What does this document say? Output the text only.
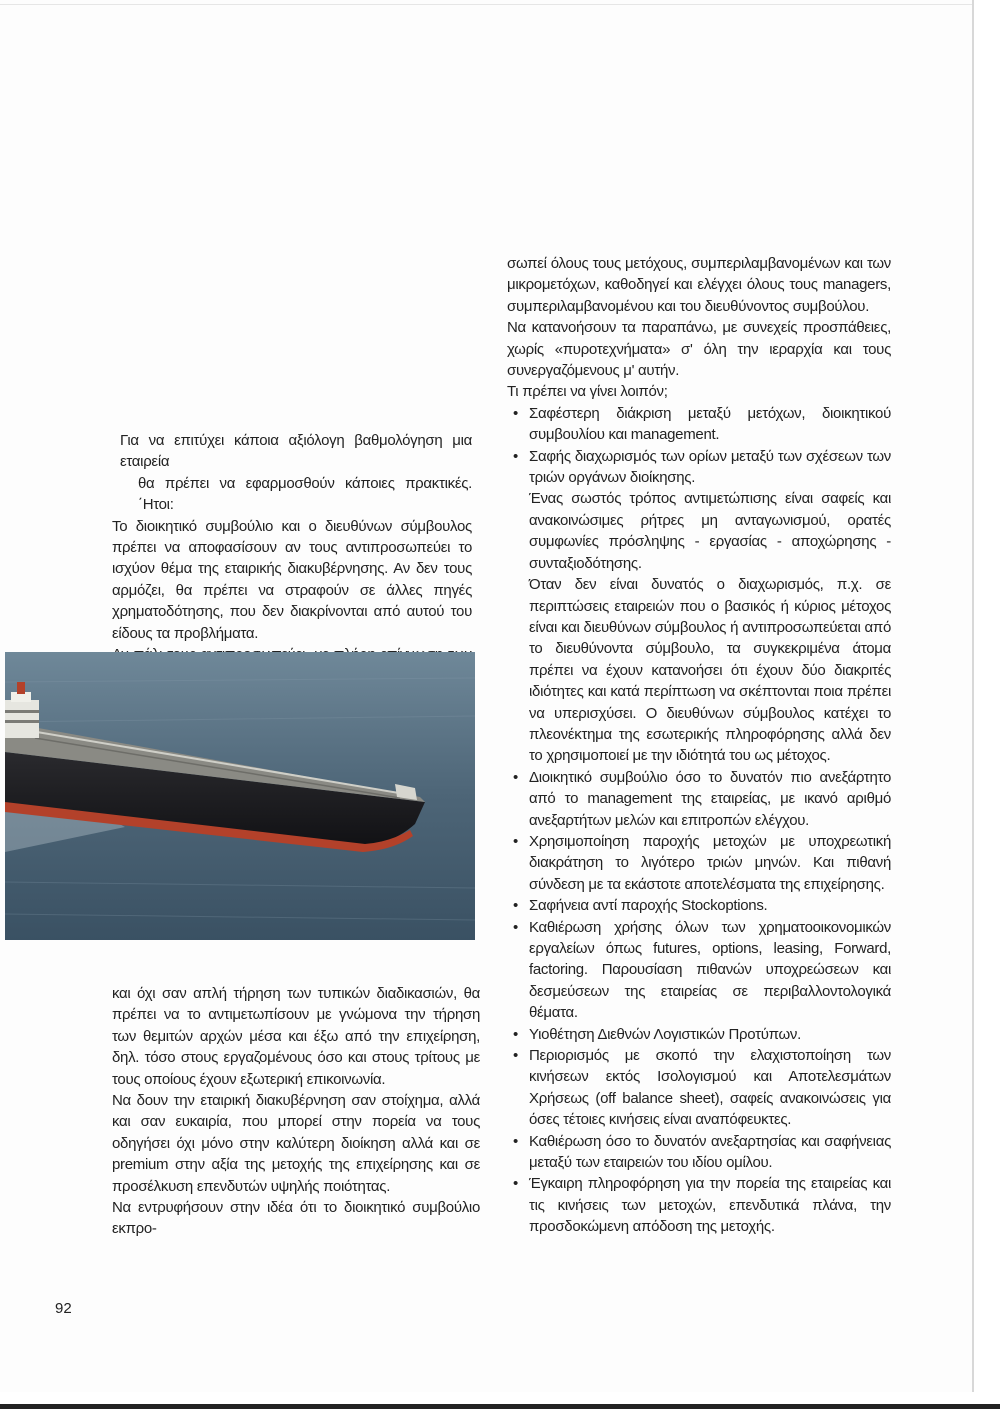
Για να επιτύχει κάποια αξιόλογη βαθμολόγηση μια εταιρεία

θα πρέπει να εφαρμοσθούν κάποιες πρακτικές. ΄Ητοι:

Το διοικητικό συμβούλιο και ο διευθύνων σύμβουλος πρέπει να αποφασίσουν αν τους αντιπροσωπεύει το ισχύον θέμα της εταιρικής διακυβέρνησης. Αν δεν τους αρμόζει, θα πρέπει να στραφούν σε άλλες πηγές χρηματοδότησης, που δεν διακρίνονται από αυτού του είδους τα προβλήματα.

και όχι σαν απλή τήρηση των τυπικών διαδικασιών, θα πρέπει να το αντιμετωπίσουν με γνώμονα την τήρηση των θεμιτών αρχών μέσα και έξω από την επιχείρηση, δηλ. τόσο στους εργαζομένους όσο και στους τρίτους με τους οποίους έχουν εξωτερική επικοινωνία.

Να δουν την εταιρική διακυβέρνηση σαν στοίχημα, αλλά και σαν ευκαιρία, που μπορεί στην πορεία να τους οδηγήσει όχι μόνο στην καλύτερη διοίκηση αλλά και σε premium στην αξία της μετοχής της επιχείρησης και σε προσέλκυση επενδυτών υψηλής ποιότητας.

Να εντρυφήσουν στην ιδέα ότι το διοικητικό συμβούλιο εκπρο-

σωπεί όλους τους μετόχους, συμπεριλαμβανομένων και των μικρομετόχων, καθοδηγεί και ελέγχει όλους τους managers, συμπεριλαμβανομένου και του διευθύνοντος συμβούλου.

Να κατανοήσουν τα παραπάνω, με συνεχείς προσπάθειες, χωρίς «πυροτεχνήματα» σ' όλη την ιεραρχία και τους συνεργαζόμενους μ' αυτήν.

Τι πρέπει να γίνει λοιπόν;

• Σαφέστερη διάκριση μεταξύ μετόχων, διοικητικού συμβουλίου και management.
• Σαφής διαχωρισμός των ορίων μεταξύ των σχέσεων των τριών οργάνων διοίκησης.

Ένας σωστός τρόπος αντιμετώπισης είναι σαφείς και ανακοινώσιμες ρήτρες μη ανταγωνισμού, ορατές συμφωνίες πρόσληψης - εργασίας - αποχώρησης - συνταξιοδότησης.

Όταν δεν είναι δυνατός ο διαχωρισμός, π.χ. σε περιπτώσεις εταιρειών που ο βασικός ή κύριος μέτοχος είναι και διευθύνων σύμβουλος ή αντιπροσωπεύεται από το διευθύνοντα σύμβουλο, τα συγκεκριμένα άτομα πρέπει να έχουν κατανοήσει ότι έχουν δύο διακριτές ιδιότητες και κατά περίπτωση να σκέπτονται ποια πρέπει να υπερισχύσει. Ο διευθύνων σύμβουλος κατέχει το πλεονέκτημα της εσωτερικής πληροφόρησης αλλά δεν το χρησιμοποιεί με την ιδιότητά του ως μέτοχος.

• Διοικητικό συμβούλιο όσο το δυνατόν πιο ανεξάρτητο από το management της εταιρείας, με ικανό αριθμό ανεξαρτήτων μελών και επιτροπών ελέγχου.
• Χρησιμοποίηση παροχής μετοχών με υποχρεωτική διακράτηση το λιγότερο τριών μηνών. Και πιθανή σύνδεση με τα εκάστοτε αποτελέσματα της επιχείρησης.
• Σαφήνεια αντί παροχής Stockoptions.
• Καθιέρωση χρήσης όλων των χρηματοοικονομικών εργαλείων όπως futures, options, leasing, Forward, factoring. Παρουσίαση πιθανών υποχρεώσεων και δεσμεύσεων της εταιρείας σε περιβαλλοντολογικά θέματα.
• Υιοθέτηση Διεθνών Λογιστικών Προτύπων.
• Περιορισμός με σκοπό την ελαχιστοποίηση των κινήσεων εκτός Ισολογισμού και Αποτελεσμάτων Χρήσεως (off balance sheet), σαφείς ανακοινώσεις για όσες τέτοιες κινήσεις είναι αναπόφευκτες.
• Καθιέρωση όσο το δυνατόν ανεξαρτησίας και σαφήνειας μεταξύ των εταιρειών του ιδίου ομίλου.
• Έγκαιρη πληροφόρηση για την πορεία της εταιρείας και τις κινήσεις των μετοχών, επενδυτικά πλάνα, την προσδοκώμενη απόδοση της μετοχής.
92
